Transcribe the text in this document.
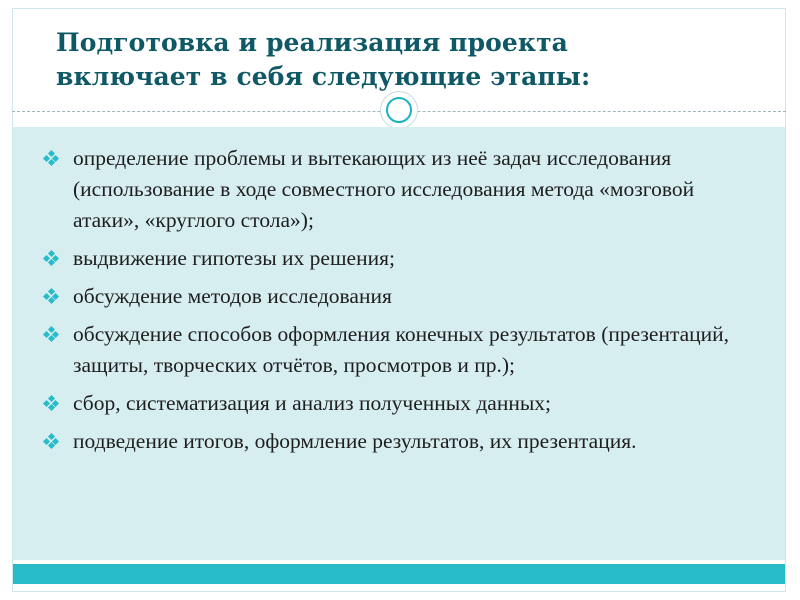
Подготовка и реализация проекта
включает в себя следующие этапы:
определение проблемы и вытекающих из неё задач исследования (использование в ходе совместного исследования метода «мозговой атаки», «круглого стола»);
выдвижение гипотезы их решения;
обсуждение методов исследования
обсуждение способов оформления конечных результатов (презентаций, защиты, творческих отчётов, просмотров и пр.);
сбор, систематизация и анализ полученных данных;
подведение итогов, оформление результатов, их презентация.
